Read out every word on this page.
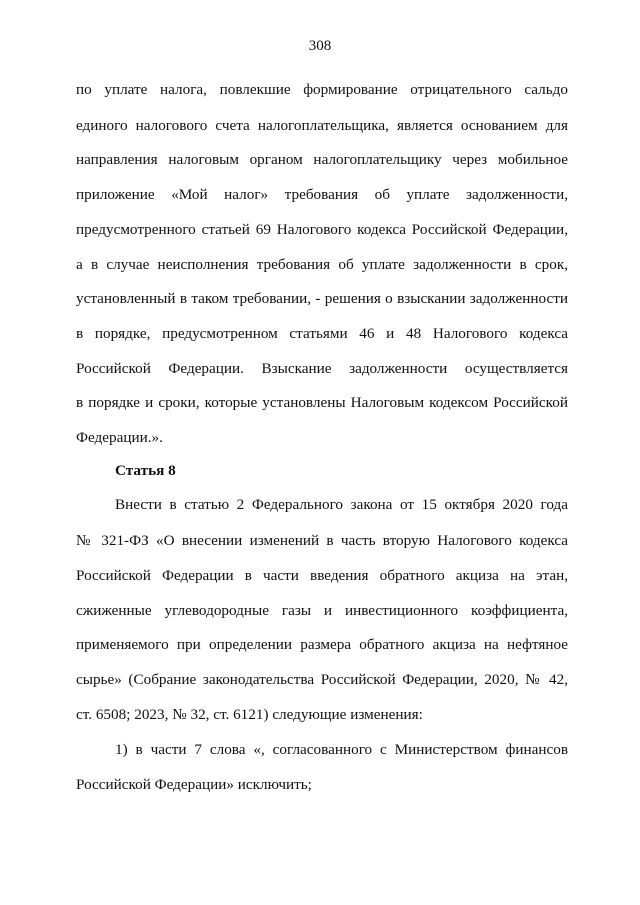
308
по уплате налога, повлекшие формирование отрицательного сальдо
единого налогового счета налогоплательщика, является основанием для
направления налоговым органом налогоплательщику через мобильное
приложение «Мой налог» требования об уплате задолженности,
предусмотренного статьей 69 Налогового кодекса Российской Федерации,
а в случае неисполнения требования об уплате задолженности в срок,
установленный в таком требовании, - решения о взыскании задолженности
в порядке, предусмотренном статьями 46 и 48 Налогового кодекса
Российской Федерации. Взыскание задолженности осуществляется
в порядке и сроки, которые установлены Налоговым кодексом Российской
Федерации.».
Статья 8
Внести в статью 2 Федерального закона от 15 октября 2020 года
№ 321-ФЗ «О внесении изменений в часть вторую Налогового кодекса
Российской Федерации в части введения обратного акциза на этан,
сжиженные углеводородные газы и инвестиционного коэффициента,
применяемого при определении размера обратного акциза на нефтяное
сырье» (Собрание законодательства Российской Федерации, 2020, № 42,
ст. 6508; 2023, № 32, ст. 6121) следующие изменения:
1) в части 7 слова «, согласованного с Министерством финансов
Российской Федерации» исключить;
